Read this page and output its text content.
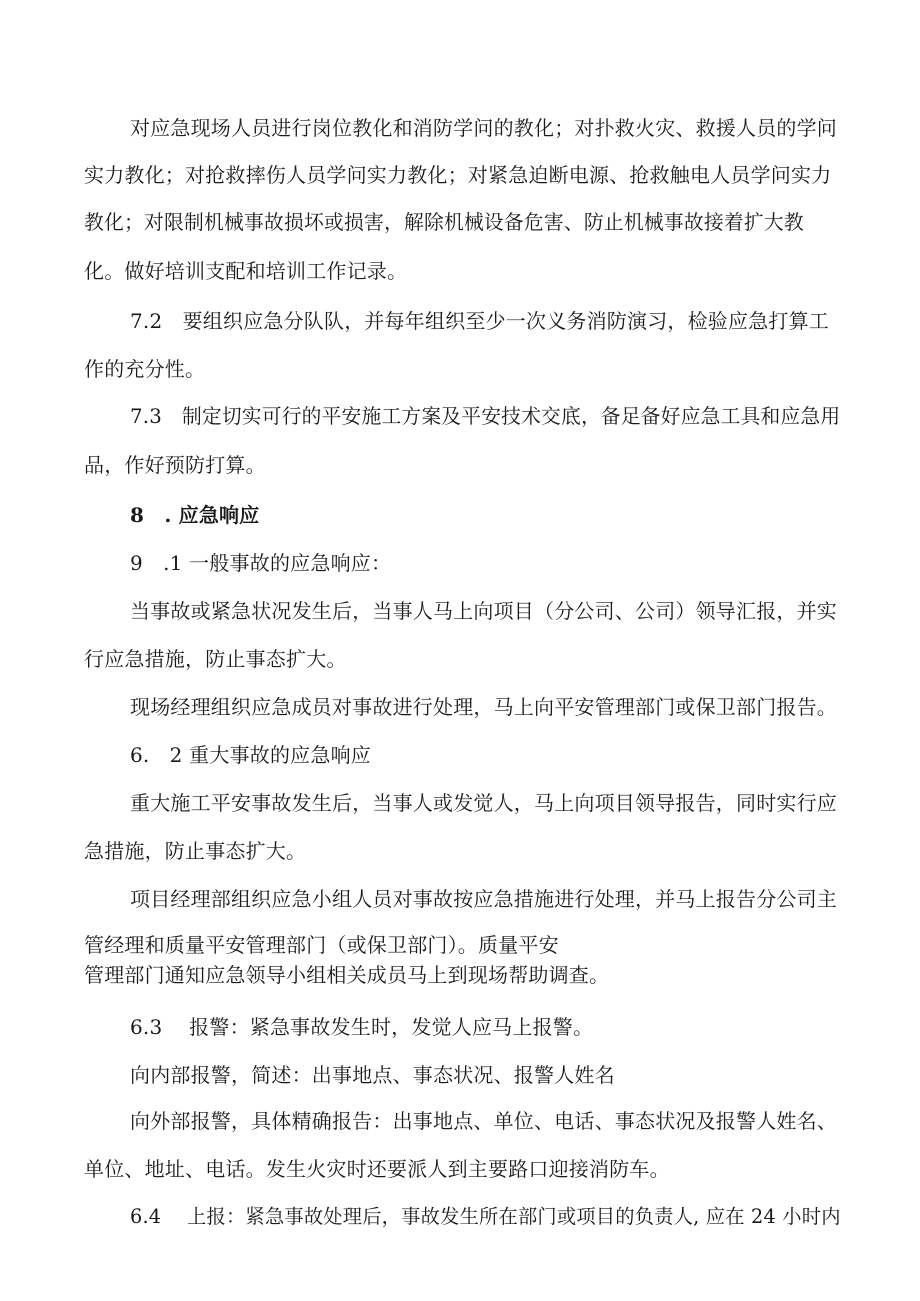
对应急现场人员进行岗位教化和消防学问的教化；对扑救火灾、救援人员的学问
实力教化；对抢救摔伤人员学问实力教化；对紧急迫断电源、抢救触电人员学问实力
教化；对限制机械事故损坏或损害，解除机械设备危害、防止机械事故接着扩大教
化。做好培训支配和培训工作记录。
7.2　要组织应急分队队，并每年组织至少一次义务消防演习，检验应急打算工
作的充分性。
7.3　制定切实可行的平安施工方案及平安技术交底，备足备好应急工具和应急用
品，作好预防打算。
8　. 应急响应
9　.1 一般事故的应急响应：
当事故或紧急状况发生后，当事人马上向项目（分公司、公司）领导汇报，并实
行应急措施，防止事态扩大。
现场经理组织应急成员对事故进行处理，马上向平安管理部门或保卫部门报告。
6.　2 重大事故的应急响应
重大施工平安事故发生后，当事人或发觉人，马上向项目领导报告，同时实行应
急措施，防止事态扩大。
项目经理部组织应急小组人员对事故按应急措施进行处理，并马上报告分公司主
管经理和质量平安管理部门（或保卫部门）。质量平安
管理部门通知应急领导小组相关成员马上到现场帮助调查。
6.3　 报警：紧急事故发生时，发觉人应马上报警。
向内部报警，简述：出事地点、事态状况、报警人姓名
向外部报警，具体精确报告：出事地点、单位、电话、事态状况及报警人姓名、
单位、地址、电话。发生火灾时还要派人到主要路口迎接消防车。
6.4　 上报：紧急事故处理后，事故发生所在部门或项目的负责人, 应在 24 小时内
